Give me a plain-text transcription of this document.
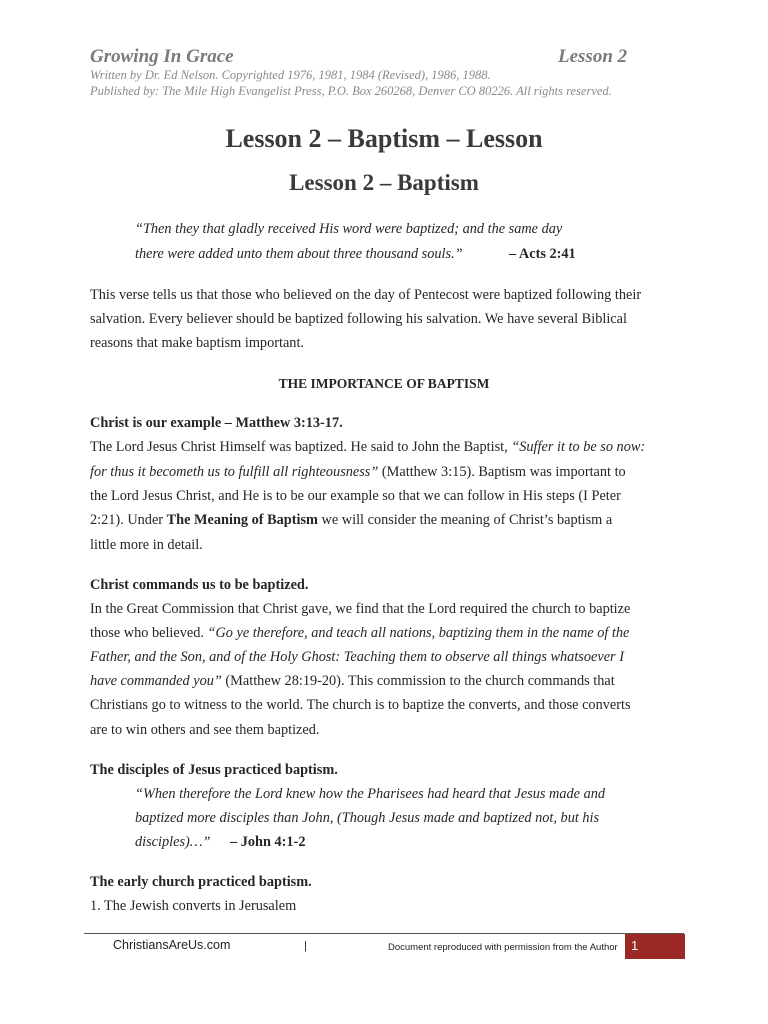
Growing In Grace	Lesson 2
Written by Dr. Ed Nelson. Copyrighted 1976, 1981, 1984 (Revised), 1986, 1988.
Published by: The Mile High Evangelist Press, P.O. Box 260268, Denver CO 80226. All rights reserved.
Lesson 2 – Baptism – Lesson
Lesson 2 – Baptism
“Then they that gladly received His word were baptized; and the same day
there were added unto them about three thousand souls.”	– Acts 2:41
This verse tells us that those who believed on the day of Pentecost were baptized following their
salvation. Every believer should be baptized following his salvation. We have several Biblical
reasons that make baptism important.
THE IMPORTANCE OF BAPTISM
Christ is our example – Matthew 3:13-17.
The Lord Jesus Christ Himself was baptized. He said to John the Baptist, “Suffer it to be so now:
for thus it becometh us to fulfill all righteousness” (Matthew 3:15). Baptism was important to
the Lord Jesus Christ, and He is to be our example so that we can follow in His steps (I Peter
2:21). Under The Meaning of Baptism we will consider the meaning of Christ’s baptism a
little more in detail.
Christ commands us to be baptized.
In the Great Commission that Christ gave, we find that the Lord required the church to baptize
those who believed. “Go ye therefore, and teach all nations, baptizing them in the name of the
Father, and the Son, and of the Holy Ghost: Teaching them to observe all things whatsoever I
have commanded you” (Matthew 28:19-20). This commission to the church commands that
Christians go to witness to the world. The church is to baptize the converts, and those converts
are to win others and see them baptized.
The disciples of Jesus practiced baptism.
“When therefore the Lord knew how the Pharisees had heard that Jesus made and
baptized more disciples than John, (Though Jesus made and baptized not, but his
disciples)…” – John 4:1-2
The early church practiced baptism.
1. The Jewish converts in Jerusalem
ChristiansAreUs.com	|	Document reproduced with permission from the Author	1
